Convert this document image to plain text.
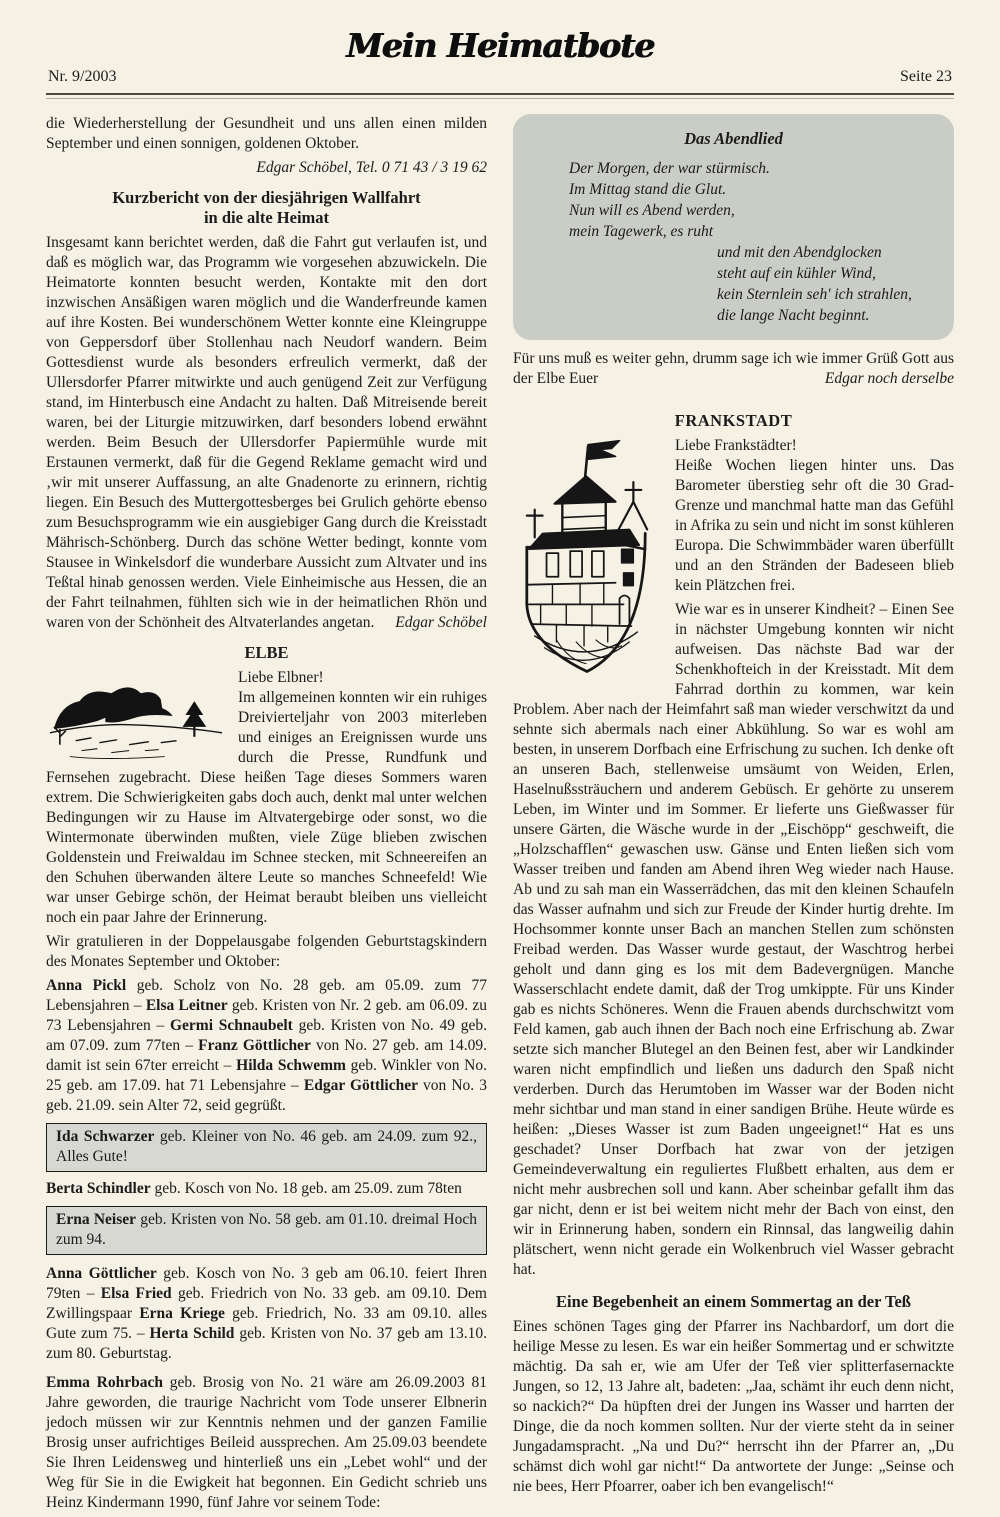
Mein Heimatbote
Nr. 9/2003	Seite 23

die Wiederherstellung der Gesundheit und uns allen einen milden September und einen sonnigen, goldenen Oktober.

Edgar Schöbel, Tel. 0 71 43 / 3 19 62
Kurzbericht von der diesjährigen Wallfahrt
in die alte Heimat

Insgesamt kann berichtet werden, daß die Fahrt gut verlaufen ist, und daß es möglich war, das Programm wie vorgesehen abzuwickeln. Die Heimatorte konnten besucht werden, Kontakte mit den dort inzwischen Ansäßigen waren möglich und die Wanderfreunde kamen auf ihre Kosten. Bei wunderschönem Wetter konnte eine Kleingruppe von Geppersdorf über Stollenhau nach Neudorf wandern. Beim Gottesdienst wurde als besonders erfreulich vermerkt, daß der Ullersdorfer Pfarrer mitwirkte und auch genügend Zeit zur Verfügung stand, im Hinterbusch eine Andacht zu halten. Daß Mitreisende bereit waren, bei der Liturgie mitzuwirken, darf besonders lobend erwähnt werden. Beim Besuch der Ullersdorfer Papiermühle wurde mit Erstaunen vermerkt, daß für die Gegend Reklame gemacht wird und ‚wir mit unserer Auffassung, an alte Gnadenorte zu erinnern, richtig liegen. Ein Besuch des Muttergottesberges bei Grulich gehörte ebenso zum Besuchsprogramm wie ein ausgiebiger Gang durch die Kreisstadt Mährisch-Schönberg. Durch das schöne Wetter bedingt, konnte vom Stausee in Winkelsdorf die wunderbare Aussicht zum Altvater und ins Teßtal hinab genossen werden. Viele Einheimische aus Hessen, die an der Fahrt teilnahmen, fühlten sich wie in der heimatlichen Rhön und waren von der Schönheit des Altvaterlandes angetan. Edgar Schöbel

ELBE

Liebe Elbner!

Im allgemeinen konnten wir ein ruhiges Dreivierteljahr von 2003 miterleben und einiges an Ereignissen wurde uns durch die Presse, Rundfunk und Fernsehen zugebracht. Diese heißen Tage dieses Sommers waren extrem. Die Schwierigkeiten gabs doch auch, denkt mal unter welchen Bedingungen wir zu Hause im Altvatergebirge oder sonst, wo die Wintermonate überwinden mußten, viele Züge blieben zwischen Goldenstein und Freiwaldau im Schnee stecken, mit Schneereifen an den Schuhen überwanden ältere Leute so manches Schneefeld! Wie war unser Gebirge schön, der Heimat beraubt bleiben uns vielleicht noch ein paar Jahre der Erinnerung.

Wir gratulieren in der Doppelausgabe folgenden Geburtstagskindern des Monates September und Oktober:

Anna Pickl geb. Scholz von No. 28 geb. am 05.09. zum 77 Lebensjahren – Elsa Leitner geb. Kristen von Nr. 2 geb. am 06.09. zu 73 Lebensjahren – Germi Schnaubelt geb. Kristen von No. 49 geb. am 07.09. zum 77ten – Franz Göttlicher von No. 27 geb. am 14.09. damit ist sein 67ter erreicht – Hilda Schwemm geb. Winkler von No. 25 geb. am 17.09. hat 71 Lebensjahre – Edgar Göttlicher von No. 3 geb. 21.09. sein Alter 72, seid gegrüßt.

Ida Schwarzer geb. Kleiner von No. 46 geb. am 24.09. zum 92., Alles Gute!

Berta Schindler geb. Kosch von No. 18 geb. am 25.09. zum 78ten

Erna Neiser geb. Kristen von No. 58 geb. am 01.10. dreimal Hoch zum 94.

Anna Göttlicher geb. Kosch von No. 3 geb am 06.10. feiert Ihren 79ten – Elsa Fried geb. Friedrich von No. 33 geb. am 09.10. Dem Zwillingspaar Erna Kriege geb. Friedrich, No. 33 am 09.10. alles Gute zum 75. – Herta Schild geb. Kristen von No. 37 geb am 13.10. zum 80. Geburtstag.

Emma Rohrbach geb. Brosig von No. 21 wäre am 26.09.2003 81 Jahre geworden, die traurige Nachricht vom Tode unserer Elbnerin jedoch müssen wir zur Kenntnis nehmen und der ganzen Familie Brosig unser aufrichtiges Beileid aussprechen. Am 25.09.03 beendete Sie Ihren Leidensweg und hinterließ uns ein „Lebet wohl“ und der Weg für Sie in die Ewigkeit hat begonnen. Ein Gedicht schrieb uns Heinz Kindermann 1990, fünf Jahre vor seinem Tode:

Das Abendlied
Der Morgen, der war stürmisch.
Im Mittag stand die Glut.
Nun will es Abend werden,
mein Tagewerk, es ruht
und mit den Abendglocken
steht auf ein kühler Wind,
kein Sternlein seh' ich strahlen,
die lange Nacht beginnt.

Für uns muß es weiter gehn, drumm sage ich wie immer Grüß Gott aus der Elbe Euer	Edgar noch derselbe

FRANKSTADT

Liebe Frankstädter!

Heiße Wochen liegen hinter uns. Das Barometer überstieg sehr oft die 30 Grad-Grenze und manchmal hatte man das Gefühl in Afrika zu sein und nicht im sonst kühleren Europa. Die Schwimmbäder waren überfüllt und an den Stränden der Badeseen blieb kein Plätzchen frei.

Wie war es in unserer Kindheit? – Einen See in nächster Umgebung konnten wir nicht aufweisen. Das nächste Bad war der Schenkhofteich in der Kreisstadt. Mit dem Fahrrad dorthin zu kommen, war kein Problem. Aber nach der Heimfahrt saß man wieder verschwitzt da und sehnte sich abermals nach einer Abkühlung. So war es wohl am besten, in unserem Dorfbach eine Erfrischung zu suchen. Ich denke oft an unseren Bach, stellenweise umsäumt von Weiden, Erlen, Haselnußssträuchern und anderem Gebüsch. Er gehörte zu unserem Leben, im Winter und im Sommer. Er lieferte uns Gießwasser für unsere Gärten, die Wäsche wurde in der „Eischöpp“ geschweift, die „Holzschafflen“ gewaschen usw. Gänse und Enten ließen sich vom Wasser treiben und fanden am Abend ihren Weg wieder nach Hause. Ab und zu sah man ein Wasserrädchen, das mit den kleinen Schaufeln das Wasser aufnahm und sich zur Freude der Kinder hurtig drehte. Im Hochsommer konnte unser Bach an manchen Stellen zum schönsten Freibad werden. Das Wasser wurde gestaut, der Waschtrog herbei geholt und dann ging es los mit dem Badevergnügen. Manche Wasserschlacht endete damit, daß der Trog umkippte. Für uns Kinder gab es nichts Schöneres. Wenn die Frauen abends durchschwitzt vom Feld kamen, gab auch ihnen der Bach noch eine Erfrischung ab. Zwar setzte sich mancher Blutegel an den Beinen fest, aber wir Landkinder waren nicht empfindlich und ließen uns dadurch den Spaß nicht verderben. Durch das Herumtoben im Wasser war der Boden nicht mehr sichtbar und man stand in einer sandigen Brühe. Heute würde es heißen: „Dieses Wasser ist zum Baden ungeeignet!“ Hat es uns geschadet? Unser Dorfbach hat zwar von der jetzigen Gemeindeverwaltung ein reguliertes Flußbett erhalten, aus dem er nicht mehr ausbrechen soll und kann. Aber scheinbar gefallt ihm das gar nicht, denn er ist bei weitem nicht mehr der Bach von einst, den wir in Erinnerung haben, sondern ein Rinnsal, das langweilig dahin plätschert, wenn nicht gerade ein Wolkenbruch viel Wasser gebracht hat.

Eine Begebenheit an einem Sommertag an der Teß

Eines schönen Tages ging der Pfarrer ins Nachbardorf, um dort die heilige Messe zu lesen. Es war ein heißer Sommertag und er schwitzte mächtig. Da sah er, wie am Ufer der Teß vier splitterfasernackte Jungen, so 12, 13 Jahre alt, badeten: „Jaa, schämt ihr euch denn nicht, so nackich?“ Da hüpften drei der Jungen ins Wasser und harrten der Dinge, die da noch kommen sollten. Nur der vierte steht da in seiner Jungadamspracht. „Na und Du?“ herrscht ihn der Pfarrer an, „Du schämst dich wohl gar nicht!“ Da antwortete der Junge: „Seinse och nie bees, Herr Pfoarrer, oaber ich ben evangelisch!“
